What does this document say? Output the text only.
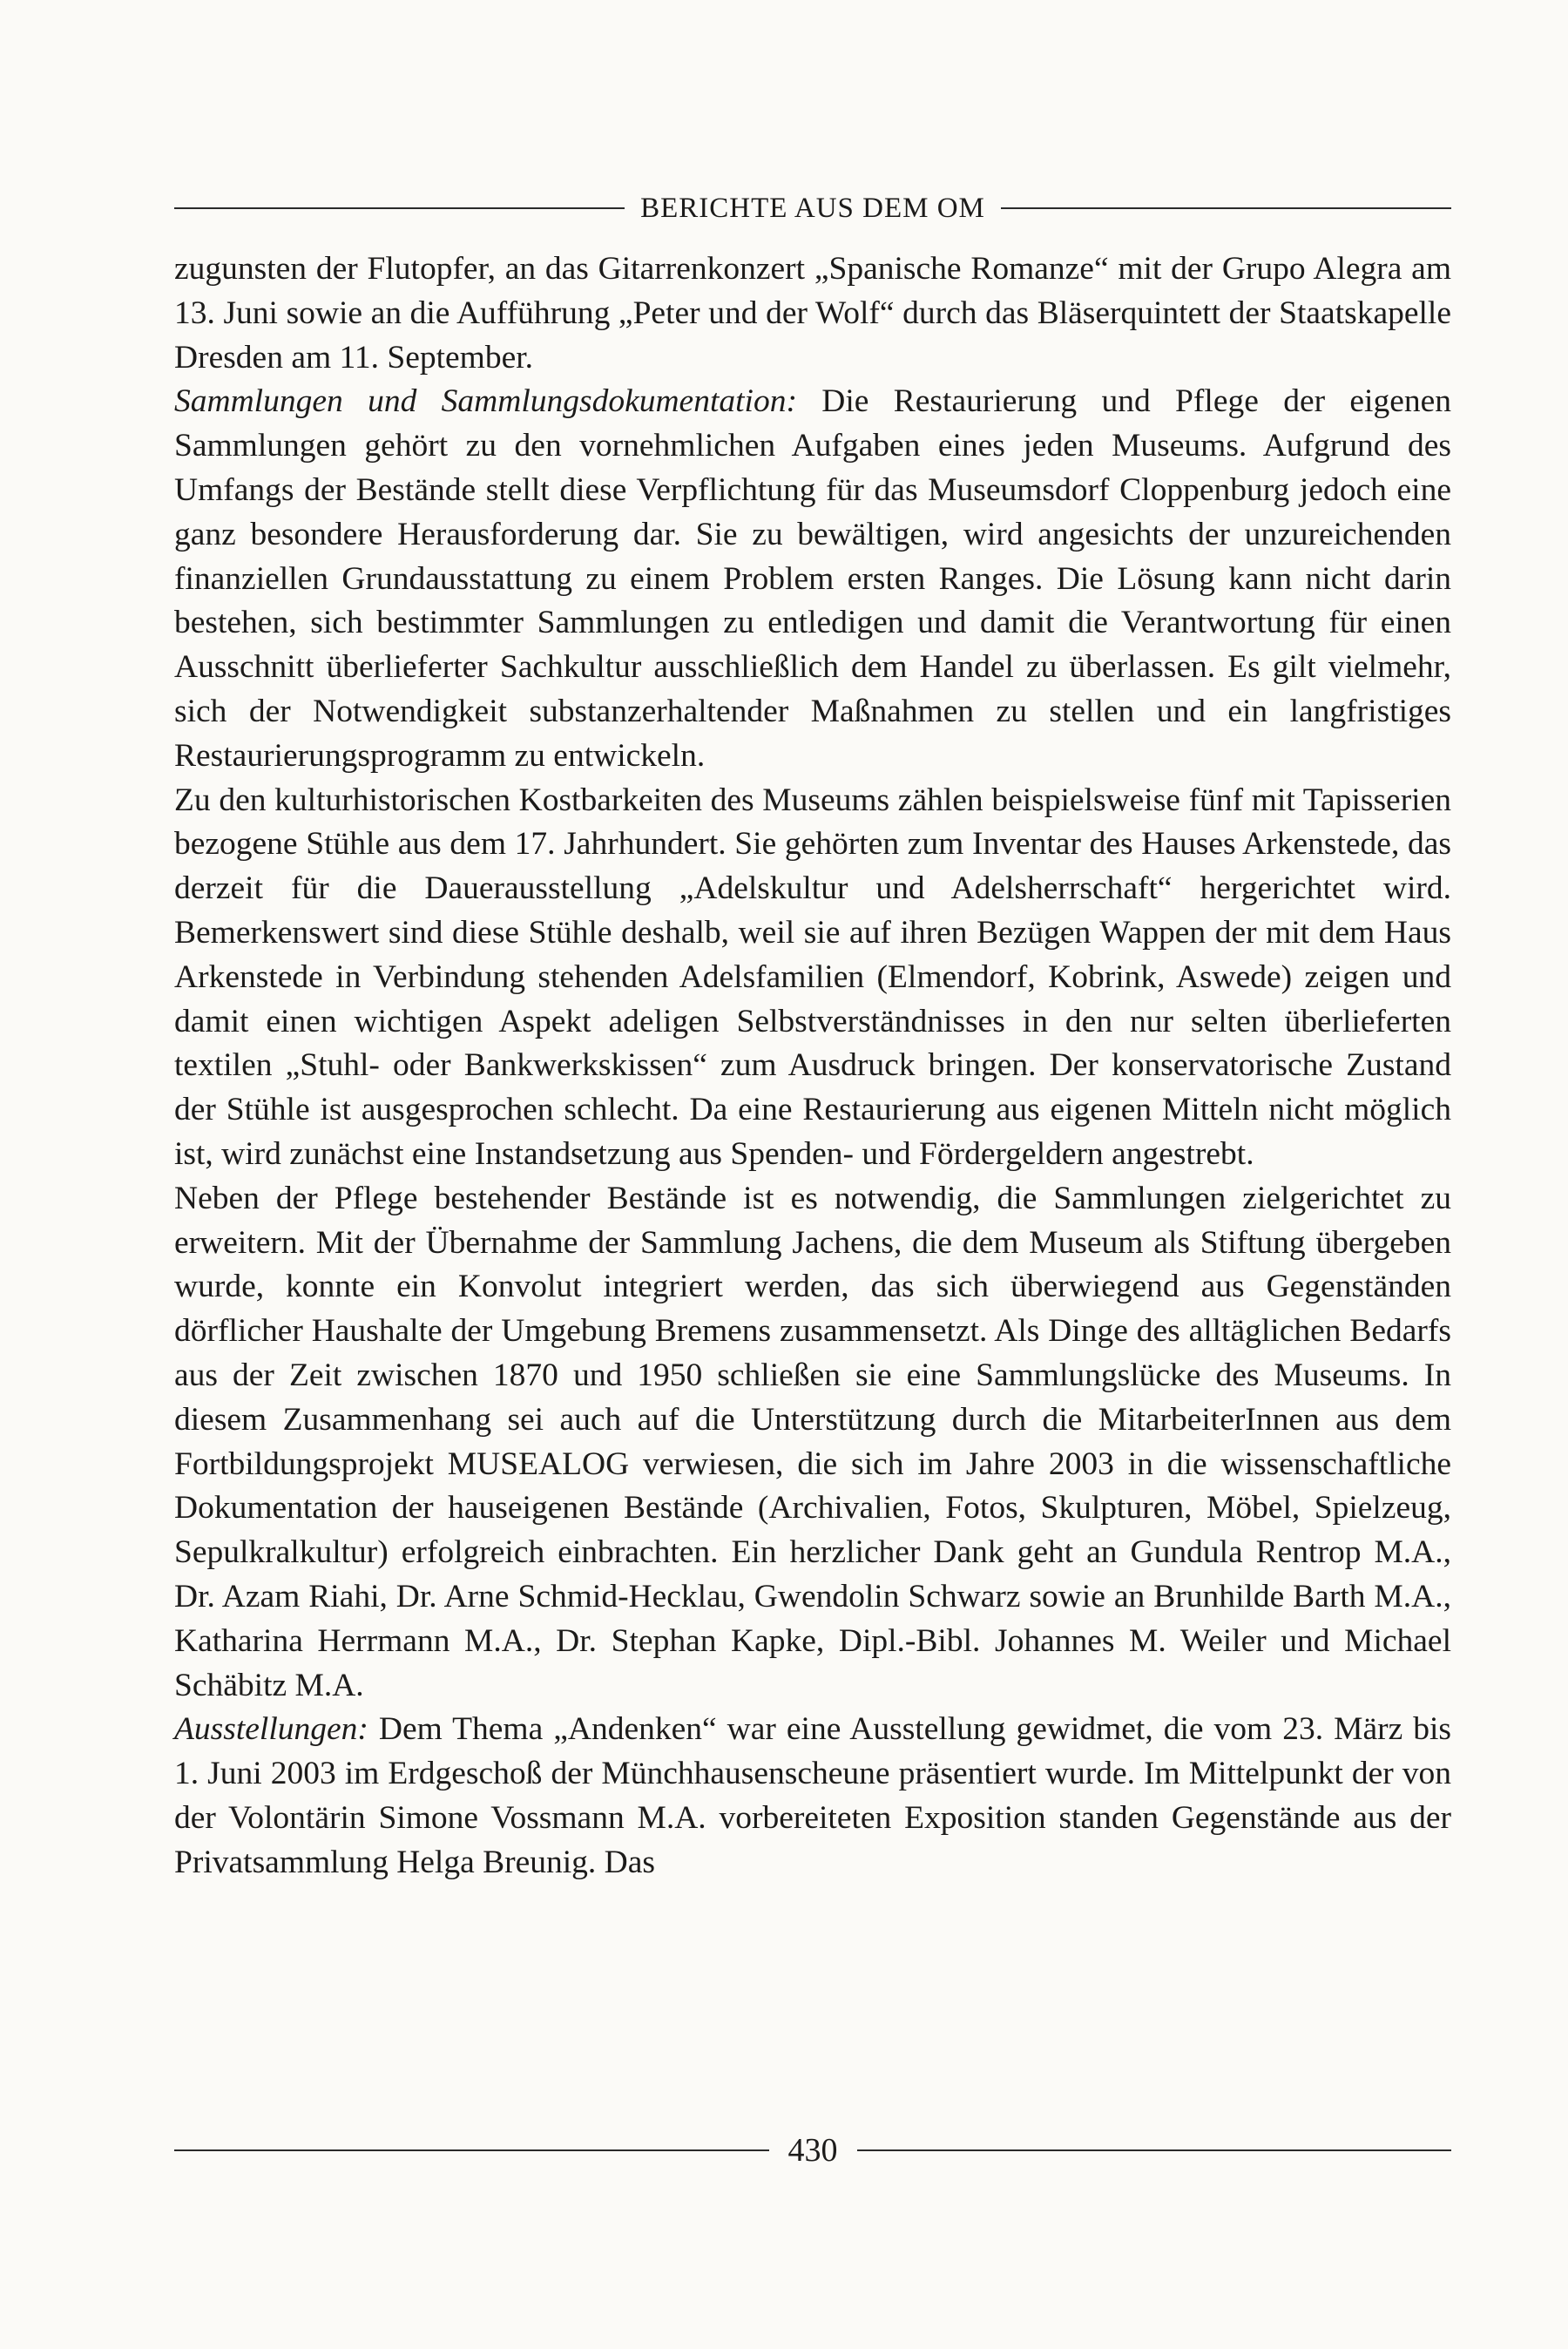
BERICHTE AUS DEM OM

zugunsten der Flutopfer, an das Gitarrenkonzert „Spanische Romanze“ mit der Grupo Alegra am 13. Juni sowie an die Aufführung „Peter und der Wolf“ durch das Bläserquintett der Staatskapelle Dresden am 11. September.

Sammlungen und Sammlungsdokumentation: Die Restaurierung und Pflege der eigenen Sammlungen gehört zu den vornehmlichen Aufgaben eines jeden Museums. Aufgrund des Umfangs der Bestände stellt diese Verpflichtung für das Museumsdorf Cloppenburg jedoch eine ganz besondere Herausforderung dar. Sie zu bewältigen, wird angesichts der unzureichenden finanziellen Grundausstattung zu einem Problem ersten Ranges. Die Lösung kann nicht darin bestehen, sich bestimmter Sammlungen zu entledigen und damit die Verantwortung für einen Ausschnitt überlieferter Sachkultur ausschließlich dem Handel zu überlassen. Es gilt vielmehr, sich der Notwendigkeit substanzerhaltender Maßnahmen zu stellen und ein langfristiges Restaurierungsprogramm zu entwickeln.

Zu den kulturhistorischen Kostbarkeiten des Museums zählen beispielsweise fünf mit Tapisserien bezogene Stühle aus dem 17. Jahrhundert. Sie gehörten zum Inventar des Hauses Arkenstede, das derzeit für die Dauerausstellung „Adelskultur und Adelsherrschaft“ hergerichtet wird. Bemerkenswert sind diese Stühle deshalb, weil sie auf ihren Bezügen Wappen der mit dem Haus Arkenstede in Verbindung stehenden Adelsfamilien (Elmendorf, Kobrink, Aswede) zeigen und damit einen wichtigen Aspekt adeligen Selbstverständnisses in den nur selten überlieferten textilen „Stuhl- oder Bankwerkskissen“ zum Ausdruck bringen. Der konservatorische Zustand der Stühle ist ausgesprochen schlecht. Da eine Restaurierung aus eigenen Mitteln nicht möglich ist, wird zunächst eine Instandsetzung aus Spenden- und Fördergeldern angestrebt.

Neben der Pflege bestehender Bestände ist es notwendig, die Sammlungen zielgerichtet zu erweitern. Mit der Übernahme der Sammlung Jachens, die dem Museum als Stiftung übergeben wurde, konnte ein Konvolut integriert werden, das sich überwiegend aus Gegenständen dörflicher Haushalte der Umgebung Bremens zusammensetzt. Als Dinge des alltäglichen Bedarfs aus der Zeit zwischen 1870 und 1950 schließen sie eine Sammlungslücke des Museums. In diesem Zusammenhang sei auch auf die Unterstützung durch die MitarbeiterInnen aus dem Fortbildungsprojekt MUSEALOG verwiesen, die sich im Jahre 2003 in die wissenschaftliche Dokumentation der hauseigenen Bestände (Archivalien, Fotos, Skulpturen, Möbel, Spielzeug, Sepulkralkultur) erfolgreich einbrachten. Ein herzlicher Dank geht an Gundula Rentrop M.A., Dr. Azam Riahi, Dr. Arne Schmid-Hecklau, Gwendolin Schwarz sowie an Brunhilde Barth M.A., Katharina Herrmann M.A., Dr. Stephan Kapke, Dipl.-Bibl. Johannes M. Weiler und Michael Schäbitz M.A.

Ausstellungen: Dem Thema „Andenken“ war eine Ausstellung gewidmet, die vom 23. März bis 1. Juni 2003 im Erdgeschoß der Münchhausenscheune präsentiert wurde. Im Mittelpunkt der von der Volontärin Simone Vossmann M.A. vorbereiteten Exposition standen Gegenstände aus der Privatsammlung Helga Breunig. Das

430
